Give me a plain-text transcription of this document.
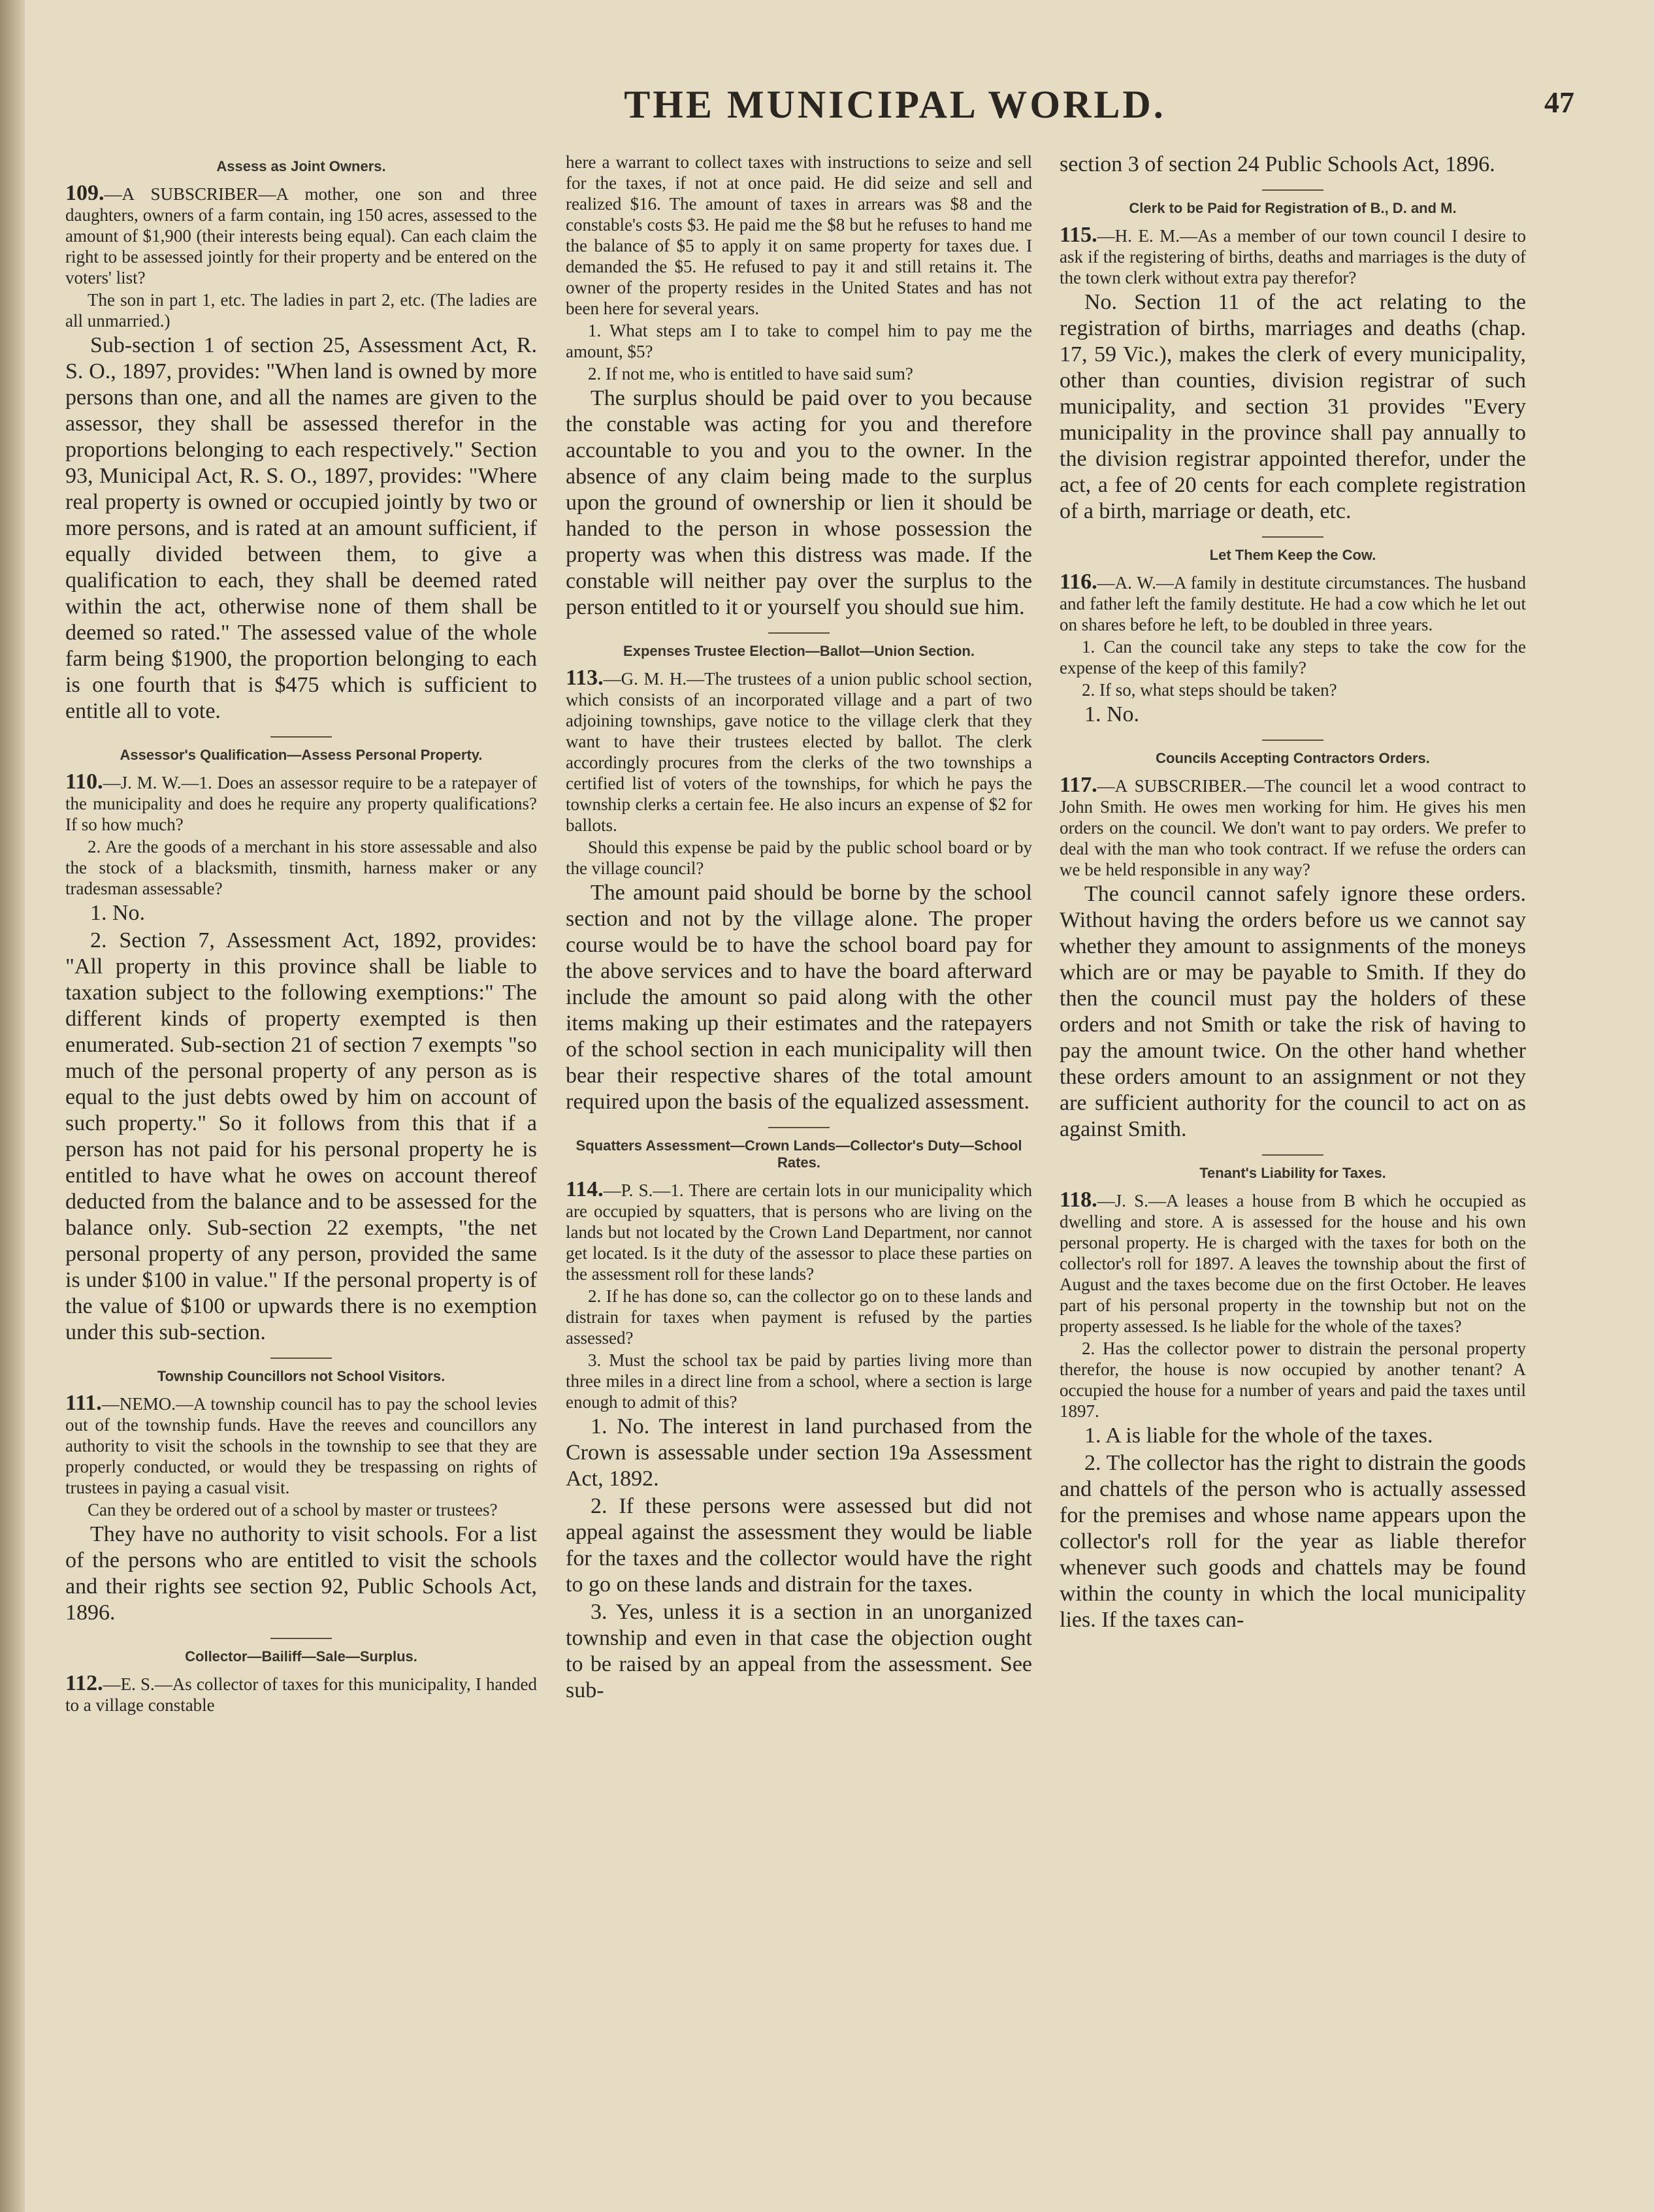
THE MUNICIPAL WORLD.	47
Assess as Joint Owners.

109.—A SUBSCRIBER—A mother, one son and three daughters, owners of a farm contain, ing 150 acres, assessed to the amount of $1,900 (their interests being equal). Can each claim the right to be assessed jointly for their property and be entered on the voters' list?

The son in part 1, etc. The ladies in part 2, etc. (The ladies are all unmarried.)

Sub-section 1 of section 25, Assessment Act, R. S. O., 1897, provides: "When land is owned by more persons than one, and all the names are given to the assessor, they shall be assessed therefor in the proportions belonging to each respectively." Section 93, Municipal Act, R. S. O., 1897, provides: "Where real property is owned or occupied jointly by two or more persons, and is rated at an amount sufficient, if equally divided between them, to give a qualification to each, they shall be deemed rated within the act, otherwise none of them shall be deemed so rated." The assessed value of the whole farm being $1900, the proportion belonging to each is one fourth that is $475 which is sufficient to entitle all to vote.

Assessor's Qualification—Assess Personal Property.

110.—J. M. W.—1. Does an assessor require to be a ratepayer of the municipality and does he require any property qualifications? If so how much?

2. Are the goods of a merchant in his store assessable and also the stock of a blacksmith, tinsmith, harness maker or any tradesman assessable?

1. No.

2. Section 7, Assessment Act, 1892, provides: "All property in this province shall be liable to taxation subject to the following exemptions:" The different kinds of property exempted is then enumerated. Sub-section 21 of section 7 exempts "so much of the personal property of any person as is equal to the just debts owed by him on account of such property." So it follows from this that if a person has not paid for his personal property he is entitled to have what he owes on account thereof deducted from the balance and to be assessed for the balance only. Sub-section 22 exempts, "the net personal property of any person, provided the same is under $100 in value." If the personal property is of the value of $100 or upwards there is no exemption under this sub-section.

Township Councillors not School Visitors.

111.—NEMO.—A township council has to pay the school levies out of the township funds. Have the reeves and councillors any authority to visit the schools in the township to see that they are properly conducted, or would they be trespassing on rights of trustees in paying a casual visit.

Can they be ordered out of a school by master or trustees?

They have no authority to visit schools. For a list of the persons who are entitled to visit the schools and their rights see section 92, Public Schools Act, 1896.

Collector—Bailiff—Sale—Surplus.

112.—E. S.—As collector of taxes for this municipality, I handed to a village constable

here a warrant to collect taxes with instructions to seize and sell for the taxes, if not at once paid. He did seize and sell and realized $16. The amount of taxes in arrears was $8 and the constable's costs $3. He paid me the $8 but he refuses to hand me the balance of $5 to apply it on same property for taxes due. I demanded the $5. He refused to pay it and still retains it. The owner of the property resides in the United States and has not been here for several years.

1. What steps am I to take to compel him to pay me the amount, $5?

2. If not me, who is entitled to have said sum?

The surplus should be paid over to you because the constable was acting for you and therefore accountable to you and you to the owner. In the absence of any claim being made to the surplus upon the ground of ownership or lien it should be handed to the person in whose possession the property was when this distress was made. If the constable will neither pay over the surplus to the person entitled to it or yourself you should sue him.

Expenses Trustee Election—Ballot—Union Section.

113.—G. M. H.—The trustees of a union public school section, which consists of an incorporated village and a part of two adjoining townships, gave notice to the village clerk that they want to have their trustees elected by ballot. The clerk accordingly procures from the clerks of the two townships a certified list of voters of the townships, for which he pays the township clerks a certain fee. He also incurs an expense of $2 for ballots.

Should this expense be paid by the public school board or by the village council?

The amount paid should be borne by the school section and not by the village alone. The proper course would be to have the school board pay for the above services and to have the board afterward include the amount so paid along with the other items making up their estimates and the ratepayers of the school section in each municipality will then bear their respective shares of the total amount required upon the basis of the equalized assessment.

Squatters Assessment—Crown Lands—Collector's Duty—School Rates.

114.—P. S.—1. There are certain lots in our municipality which are occupied by squatters, that is persons who are living on the lands but not located by the Crown Land Department, nor cannot get located. Is it the duty of the assessor to place these parties on the assessment roll for these lands?

2. If he has done so, can the collector go on to these lands and distrain for taxes when payment is refused by the parties assessed?

3. Must the school tax be paid by parties living more than three miles in a direct line from a school, where a section is large enough to admit of this?

1. No. The interest in land purchased from the Crown is assessable under section 19a Assessment Act, 1892.

2. If these persons were assessed but did not appeal against the assessment they would be liable for the taxes and the collector would have the right to go on these lands and distrain for the taxes.

3. Yes, unless it is a section in an unorganized township and even in that case the objection ought to be raised by an appeal from the assessment. See sub-

section 3 of section 24 Public Schools Act, 1896.

Clerk to be Paid for Registration of B., D. and M.

115.—H. E. M.—As a member of our town council I desire to ask if the registering of births, deaths and marriages is the duty of the town clerk without extra pay therefor?

No. Section 11 of the act relating to the registration of births, marriages and deaths (chap. 17, 59 Vic.), makes the clerk of every municipality, other than counties, division registrar of such municipality, and section 31 provides "Every municipality in the province shall pay annually to the division registrar appointed therefor, under the act, a fee of 20 cents for each complete registration of a birth, marriage or death, etc.

Let Them Keep the Cow.

116.—A. W.—A family in destitute circumstances. The husband and father left the family destitute. He had a cow which he let out on shares before he left, to be doubled in three years.

1. Can the council take any steps to take the cow for the expense of the keep of this family?

2. If so, what steps should be taken?

1. No.

Councils Accepting Contractors Orders.

117.—A SUBSCRIBER.—The council let a wood contract to John Smith. He owes men working for him. He gives his men orders on the council. We don't want to pay orders. We prefer to deal with the man who took contract. If we refuse the orders can we be held responsible in any way?

The council cannot safely ignore these orders. Without having the orders before us we cannot say whether they amount to assignments of the moneys which are or may be payable to Smith. If they do then the council must pay the holders of these orders and not Smith or take the risk of having to pay the amount twice. On the other hand whether these orders amount to an assignment or not they are sufficient authority for the council to act on as against Smith.

Tenant's Liability for Taxes.

118.—J. S.—A leases a house from B which he occupied as dwelling and store. A is assessed for the house and his own personal property. He is charged with the taxes for both on the collector's roll for 1897. A leaves the township about the first of August and the taxes become due on the first October. He leaves part of his personal property in the township but not on the property assessed. Is he liable for the whole of the taxes?

2. Has the collector power to distrain the personal property therefor, the house is now occupied by another tenant? A occupied the house for a number of years and paid the taxes until 1897.

1. A is liable for the whole of the taxes.

2. The collector has the right to distrain the goods and chattels of the person who is actually assessed for the premises and whose name appears upon the collector's roll for the year as liable therefor whenever such goods and chattels may be found within the county in which the local municipality lies. If the taxes can-
